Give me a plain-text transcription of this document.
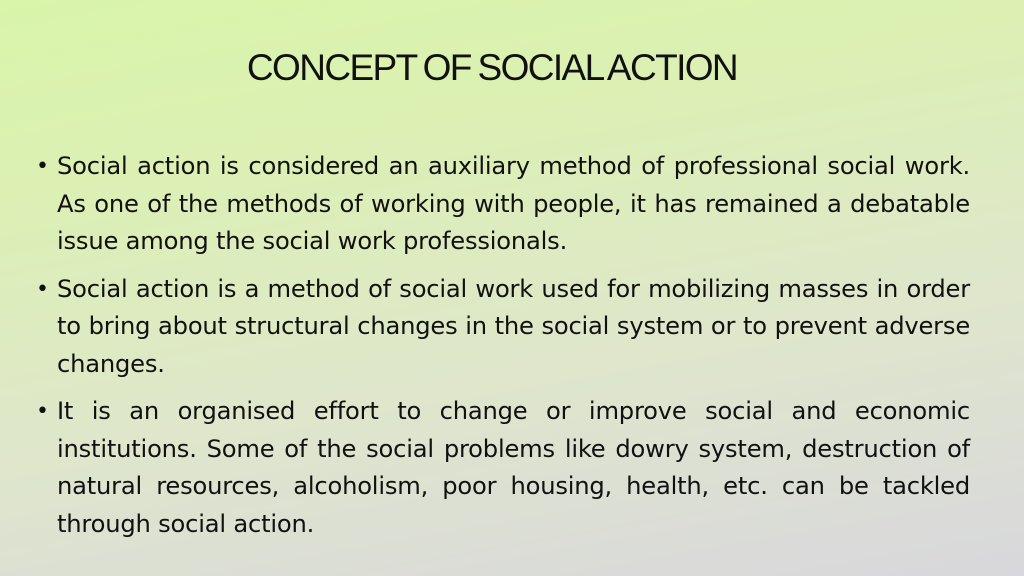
CONCEPT OF SOCIAL ACTION
• Social action is considered an auxiliary method of professional social work. As one of the methods of working with people, it has remained a debatable issue among the social work professionals.
• Social action is a method of social work used for mobilizing masses in order to bring about structural changes in the social system or to prevent adverse changes.
• It is an organised effort to change or improve social and economic institutions. Some of the social problems like dowry system, destruction of natural resources, alcoholism, poor housing, health, etc. can be tackled through social action.
